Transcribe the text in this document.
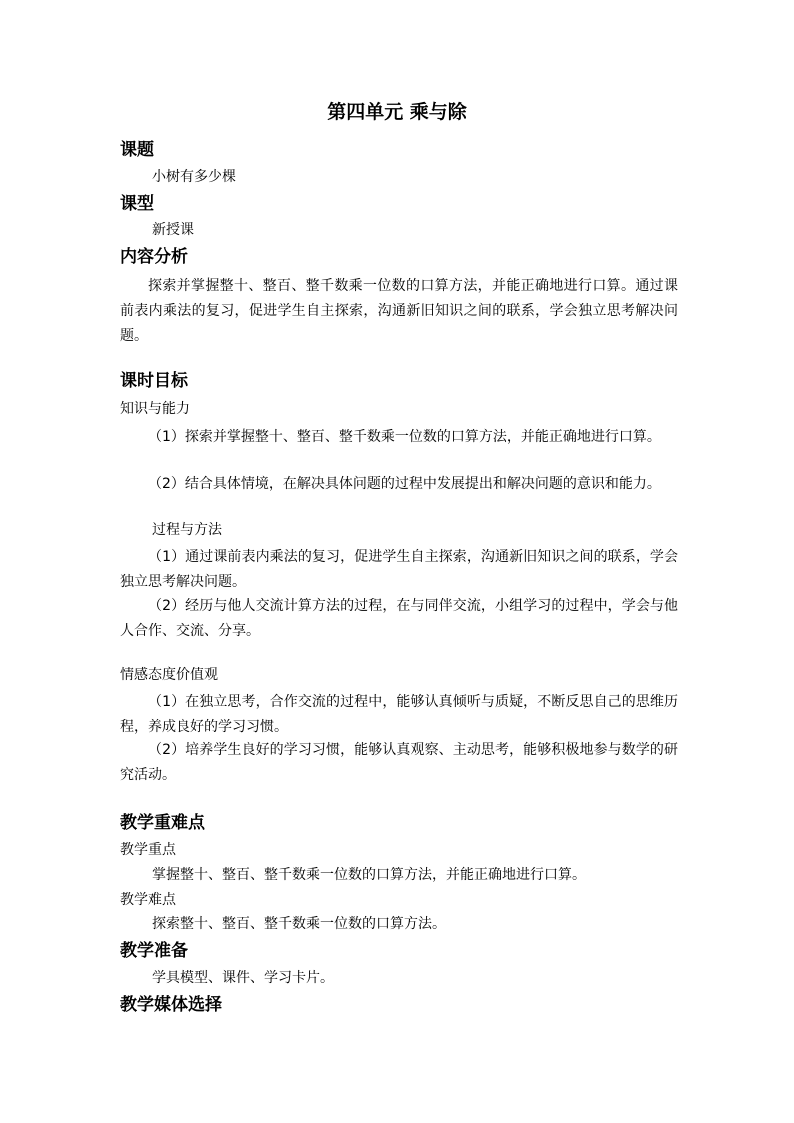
第四单元 乘与除
课题
小树有多少棵
课型
新授课
内容分析
探索并掌握整十、整百、整千数乘一位数的口算方法，并能正确地进行口算。通过课前表内乘法的复习，促进学生自主探索，沟通新旧知识之间的联系，学会独立思考解决问题。
课时目标
知识与能力
（1）探索并掌握整十、整百、整千数乘一位数的口算方法，并能正确地进行口算。
（2）结合具体情境，在解决具体问题的过程中发展提出和解决问题的意识和能力。
过程与方法
（1）通过课前表内乘法的复习，促进学生自主探索，沟通新旧知识之间的联系，学会独立思考解决问题。
（2）经历与他人交流计算方法的过程，在与同伴交流，小组学习的过程中，学会与他人合作、交流、分享。
情感态度价值观
（1）在独立思考，合作交流的过程中，能够认真倾听与质疑，不断反思自己的思维历程，养成良好的学习习惯。
（2）培养学生良好的学习习惯，能够认真观察、主动思考，能够积极地参与数学的研究活动。
教学重难点
教学重点
掌握整十、整百、整千数乘一位数的口算方法，并能正确地进行口算。
教学难点
探索整十、整百、整千数乘一位数的口算方法。
教学准备
学具模型、课件、学习卡片。
教学媒体选择
